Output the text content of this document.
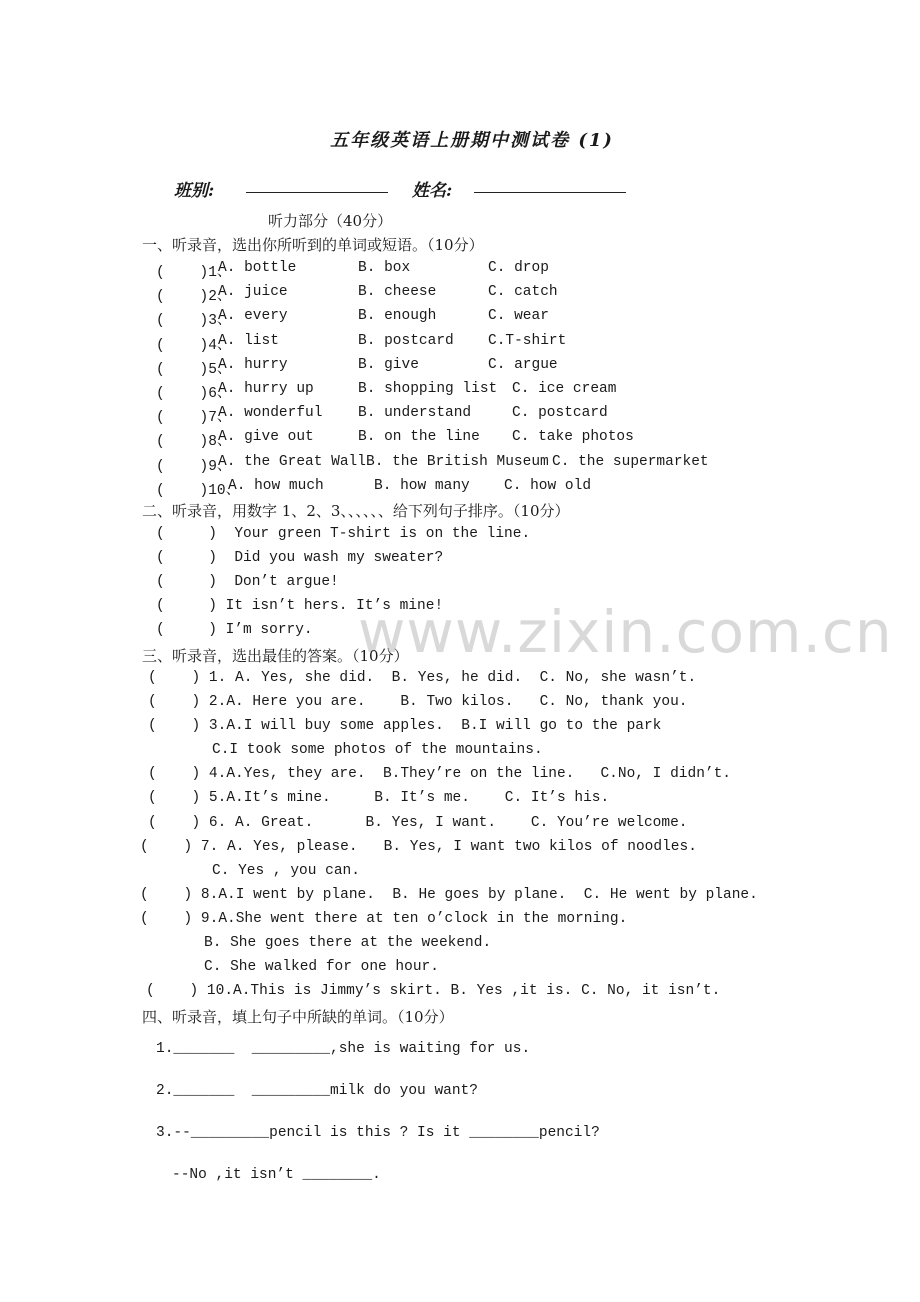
五年级英语上册期中测试卷 (1)
班别:	姓名:
听力部分（40分）
www.zixin.com.cn
一、听录音，选出你所听到的单词或短语。（10分）
(    )1、
A. bottle	B. box	C. drop
(    )2、
A. juice	B. cheese	C. catch
(    )3、
A. every	B. enough	C. wear
(    )4、
A. list	B. postcard C.T-shirt
(    )5、
A. hurry	B. give	C. argue
(    )6、
A. hurry up	B. shopping list C. ice cream
(    )7、
A. wonderful B. understand	C. postcard
(    )8、
A. give out	B. on the line C. take photos
(    )9、
A. the Great Wall B. the British Museum C. the supermarket
(    )10、
A. how much	B. how many C. how old
二、听录音，用数字 1、2、3、、、、、、给下列句子排序。（10分）
(     )  Your green T-shirt is on the line.
(     )  Did you wash my sweater?
(     )  Don’t argue!
(     ) It isn’t hers. It’s mine!
(     ) I’m sorry.
三、听录音，选出最佳的答案。（10分）
(    ) 1. A. Yes, she did.  B. Yes, he did.  C. No, she wasn’t.
(    ) 2.A. Here you are.    B. Two kilos.   C. No, thank you.
(    ) 3.A.I will buy some apples.  B.I will go to the park
C.I took some photos of the mountains.
(    ) 4.A.Yes, they are.  B.They’re on the line.   C.No, I didn’t.
(    ) 5.A.It’s mine.     B. It’s me.    C. It’s his.
(    ) 6. A. Great.      B. Yes, I want.    C. You’re welcome.
(    ) 7. A. Yes, please.   B. Yes, I want two kilos of noodles.
C. Yes , you can.
(    ) 8.A.I went by plane.  B. He goes by plane.  C. He went by plane.
(    ) 9.A.She went there at ten o’clock in the morning.
B. She goes there at the weekend.
C. She walked for one hour.
(    ) 10.A.This is Jimmy’s skirt. B. Yes ,it is. C. No, it isn’t.
四、听录音，填上句子中所缺的单词。（10分）
1._______  _________,she is waiting for us.
2._______  _________milk do you want?
3.--_________pencil is this ? Is it ________pencil?
--No ,it isn’t ________.
